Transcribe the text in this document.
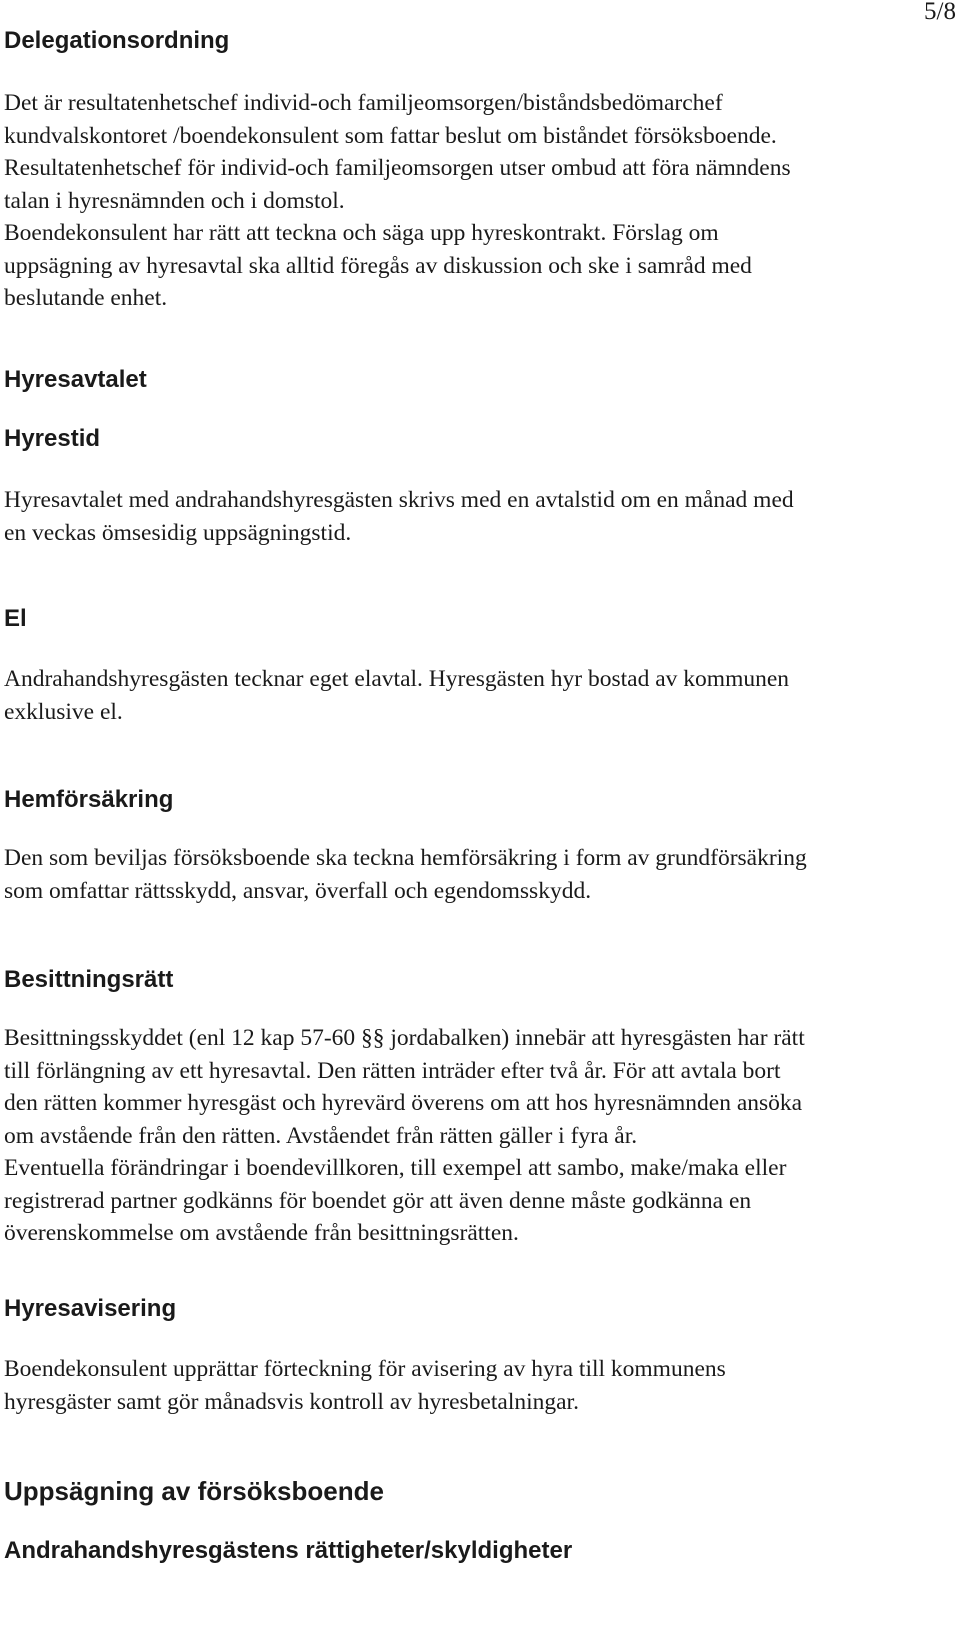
5/8
Delegationsordning
Det är resultatenhetschef individ-och familjeomsorgen/biståndsbedömarchef
kundvalskontoret /boendekonsulent som fattar beslut om biståndet försöksboende.
Resultatenhetschef för individ-och familjeomsorgen utser ombud att föra nämndens
talan i hyresnämnden och i domstol.
Boendekonsulent har rätt att teckna och säga upp hyreskontrakt. Förslag om
uppsägning av hyresavtal ska alltid föregås av diskussion och ske i samråd med
beslutande enhet.
Hyresavtalet
Hyrestid
Hyresavtalet med andrahandshyresgästen skrivs med en avtalstid om en månad med
en veckas ömsesidig uppsägningstid.
El
Andrahandshyresgästen tecknar eget elavtal. Hyresgästen hyr bostad av kommunen
exklusive el.
Hemförsäkring
Den som beviljas försöksboende ska teckna hemförsäkring i form av grundförsäkring
som omfattar rättsskydd, ansvar, överfall och egendomsskydd.
Besittningsrätt
Besittningsskyddet (enl 12 kap 57-60 §§ jordabalken) innebär att hyresgästen har rätt
till förlängning av ett hyresavtal. Den rätten inträder efter två år. För att avtala bort
den rätten kommer hyresgäst och hyrevärd överens om att hos hyresnämnden ansöka
om avstående från den rätten. Avståendet från rätten gäller i fyra år.
Eventuella förändringar i boendevillkoren, till exempel att sambo, make/maka eller
registrerad partner godkänns för boendet gör att även denne måste godkänna en
överenskommelse om avstående från besittningsrätten.
Hyresavisering
Boendekonsulent upprättar förteckning för avisering av hyra till kommunens
hyresgäster samt gör månadsvis kontroll av hyresbetalningar.
Uppsägning av försöksboende
Andrahandshyresgästens rättigheter/skyldigheter
